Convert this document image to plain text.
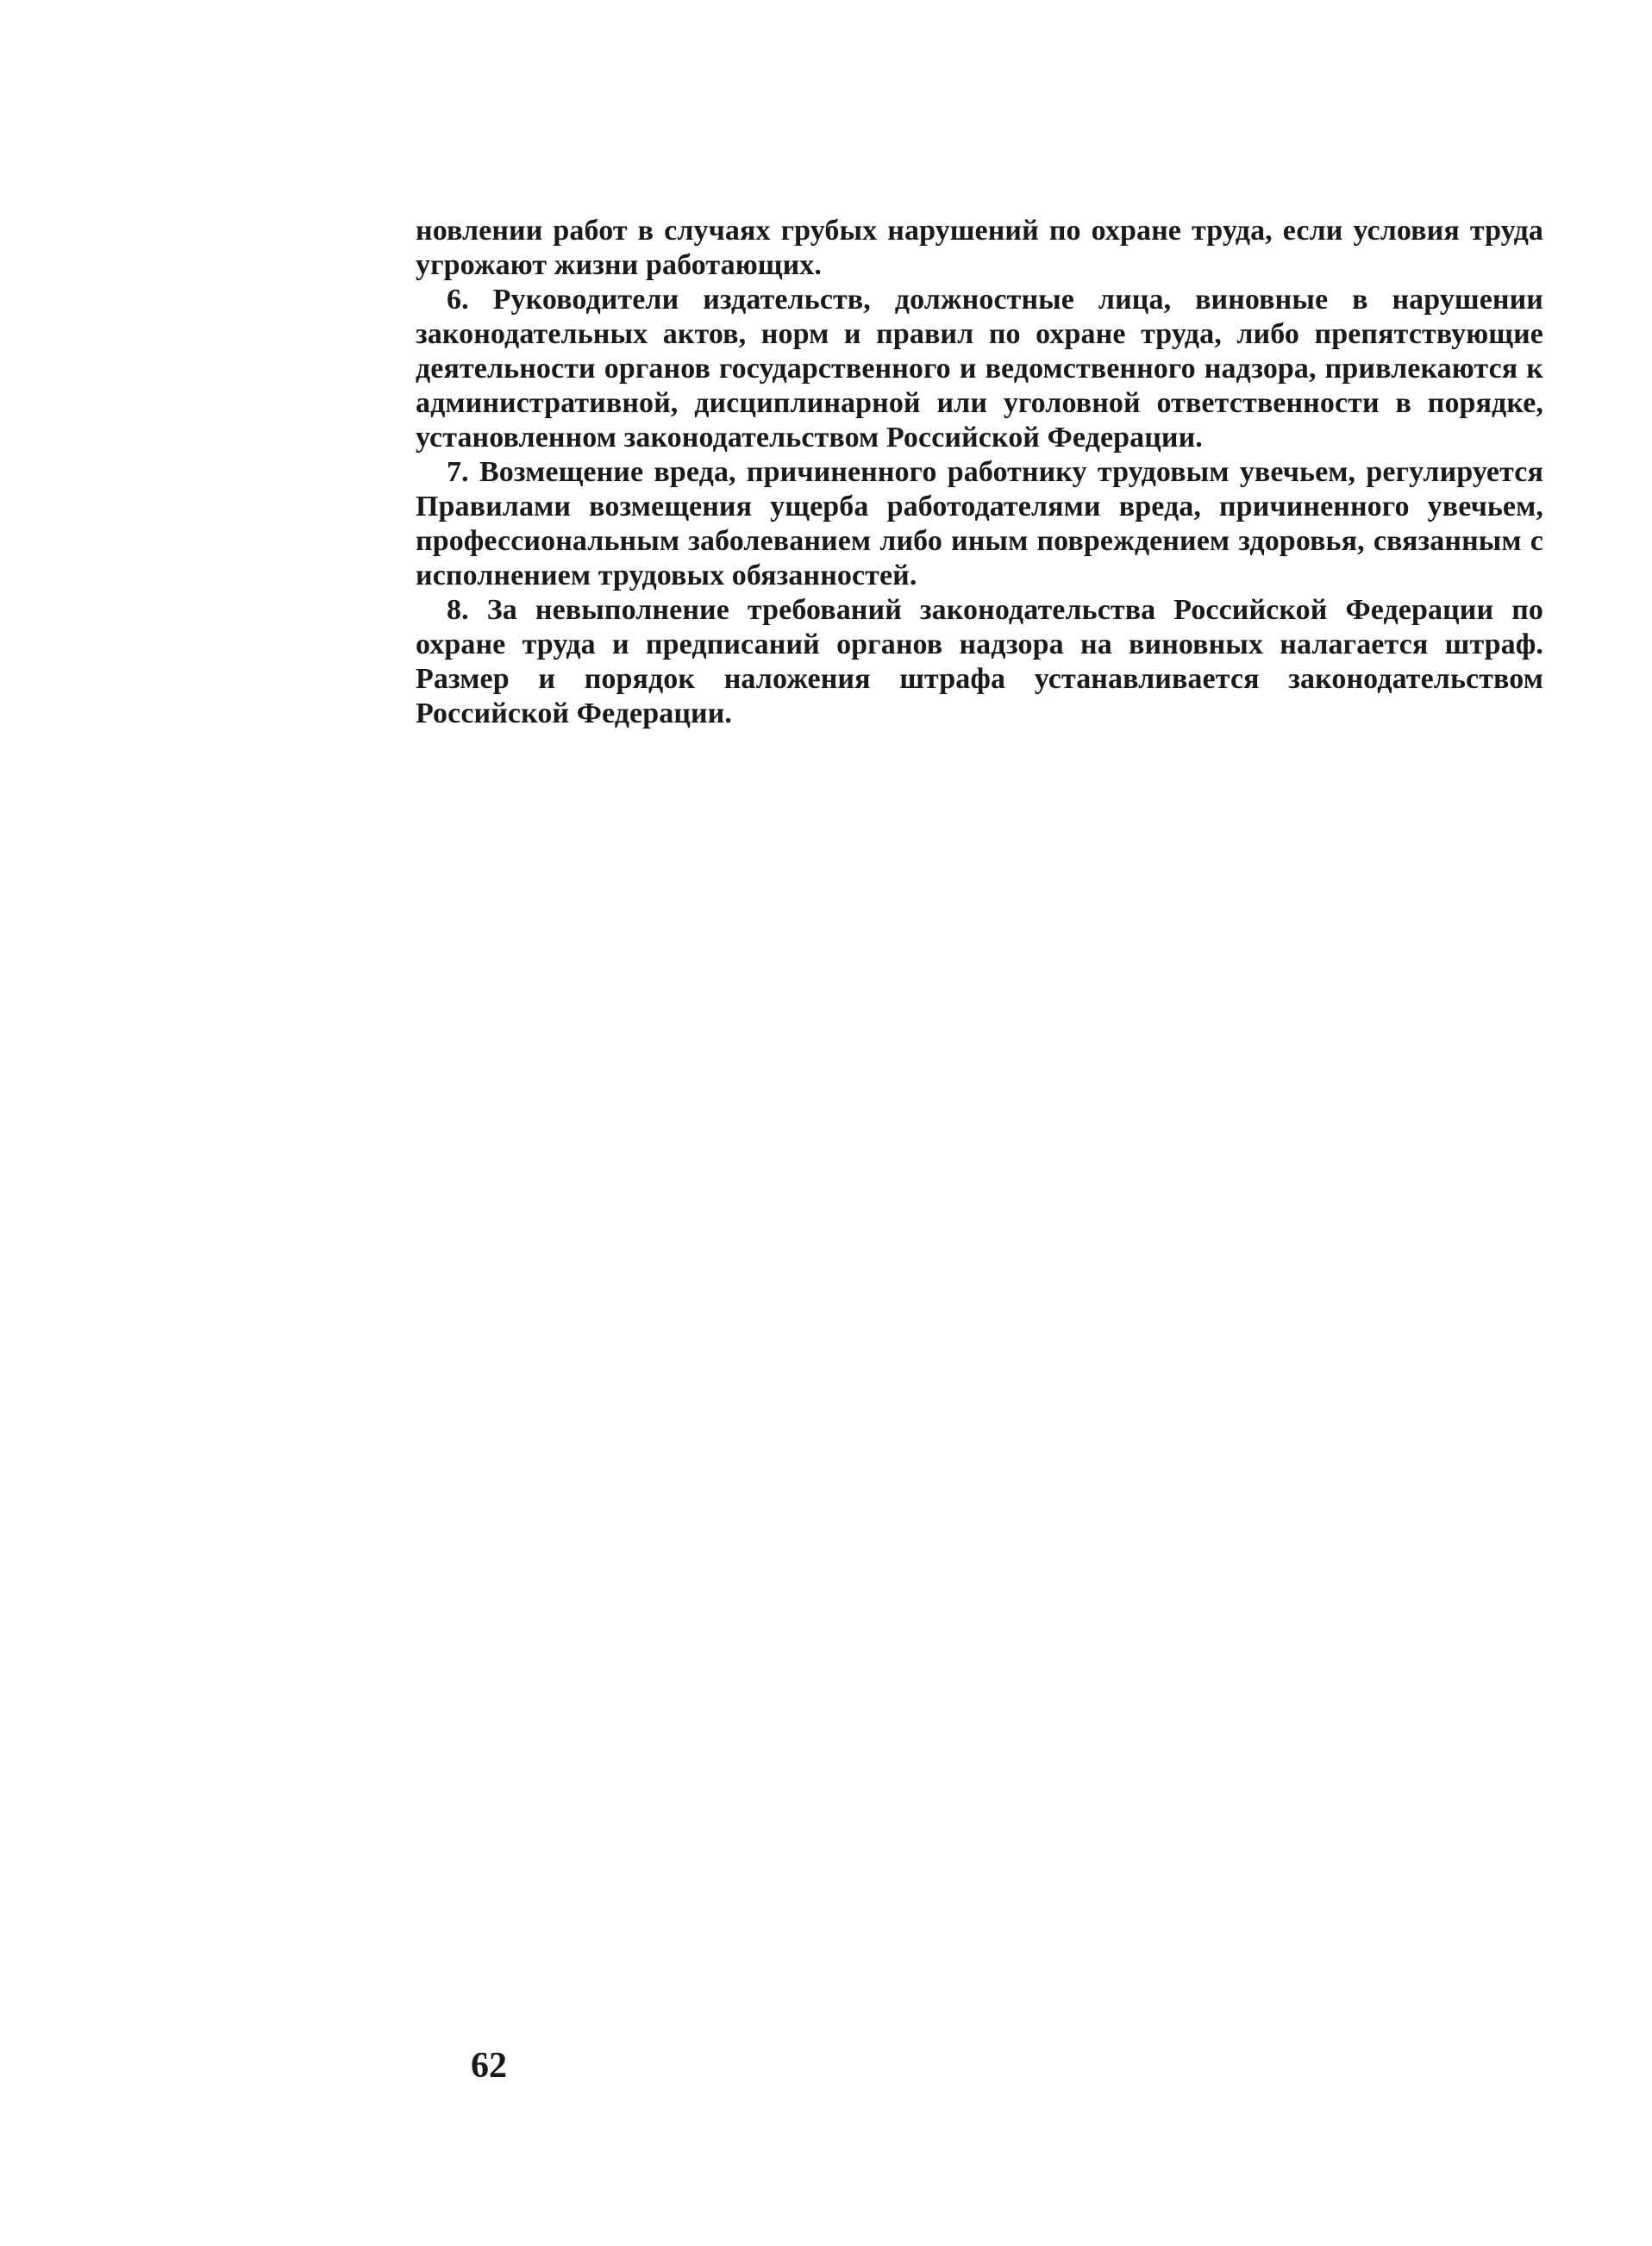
новлении работ в случаях грубых нарушений по охране труда, если условия труда угрожают жизни работающих.

6. Руководители издательств, должностные лица, виновные в нарушении законодательных актов, норм и правил по охране труда, либо препятствующие деятельности органов государственного и ведомственного надзора, привлекаются к административной, дисциплинарной или уголовной ответственности в порядке, установленном законодательством Российской Федерации.

7. Возмещение вреда, причиненного работнику трудовым увечьем, регулируется Правилами возмещения ущерба работодателями вреда, причиненного увечьем, профессиональным заболеванием либо иным повреждением здоровья, связанным с исполнением трудовых обязанностей.

8. За невыполнение требований законодательства Российской Федерации по охране труда и предписаний органов надзора на виновных налагается штраф. Размер и порядок наложения штрафа устанавливается законодательством Российской Федерации.

62
